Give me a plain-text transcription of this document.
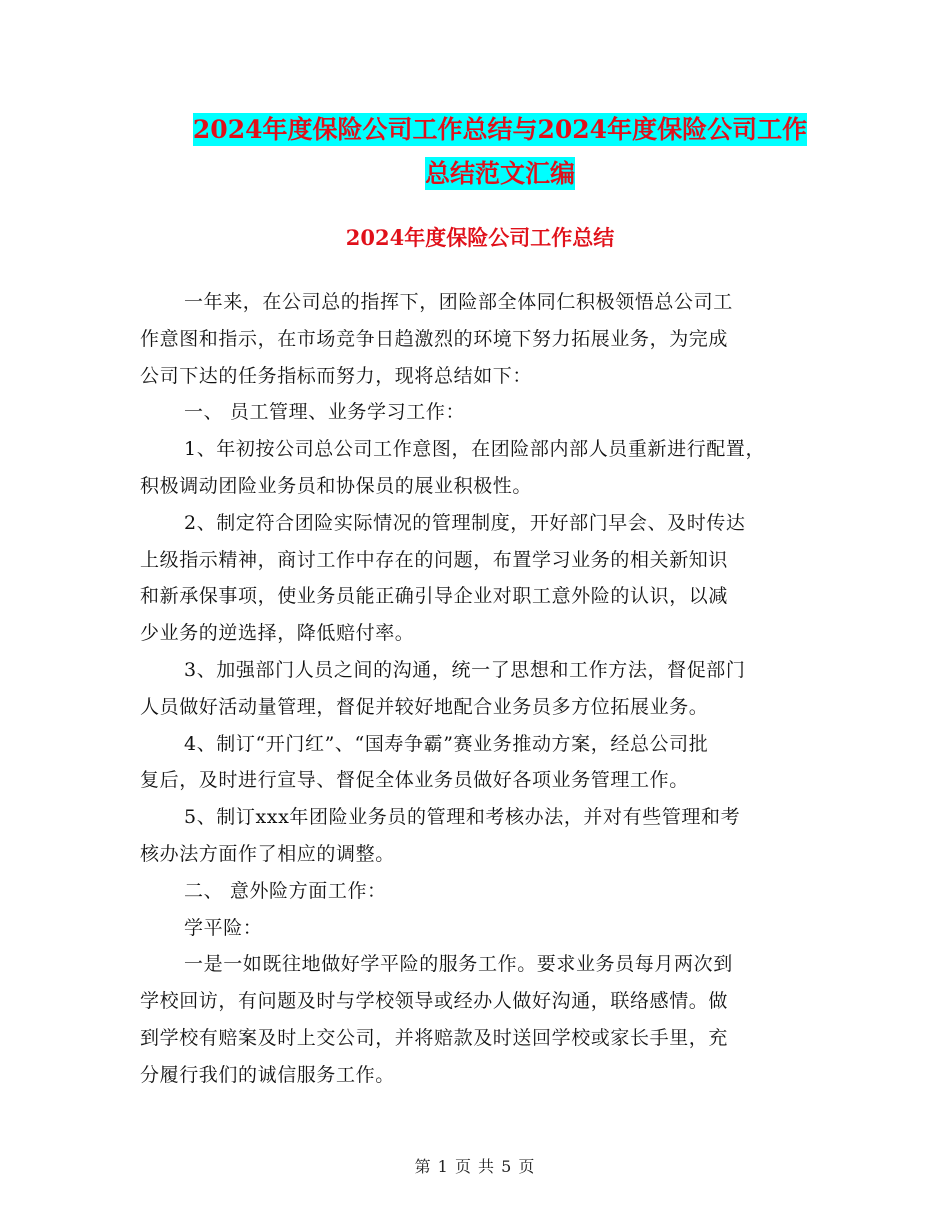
2024年度保险公司工作总结与2024年度保险公司工作
总结范文汇编
2024年度保险公司工作总结
一年来，在公司总的指挥下，团险部全体同仁积极领悟总公司工
作意图和指示，在市场竞争日趋激烈的环境下努力拓展业务，为完成
公司下达的任务指标而努力，现将总结如下：
一、 员工管理、业务学习工作：
1、年初按公司总公司工作意图，在团险部内部人员重新进行配置，
积极调动团险业务员和协保员的展业积极性。
2、制定符合团险实际情况的管理制度，开好部门早会、及时传达
上级指示精神，商讨工作中存在的问题，布置学习业务的相关新知识
和新承保事项，使业务员能正确引导企业对职工意外险的认识，以减
少业务的逆选择，降低赔付率。
3、加强部门人员之间的沟通，统一了思想和工作方法，督促部门
人员做好活动量管理，督促并较好地配合业务员多方位拓展业务。
4、制订“开门红”、“国寿争霸”赛业务推动方案，经总公司批
复后，及时进行宣导、督促全体业务员做好各项业务管理工作。
5、制订xxx年团险业务员的管理和考核办法，并对有些管理和考
核办法方面作了相应的调整。
二、 意外险方面工作：
学平险：
一是一如既往地做好学平险的服务工作。要求业务员每月两次到
学校回访，有问题及时与学校领导或经办人做好沟通，联络感情。做
到学校有赔案及时上交公司，并将赔款及时送回学校或家长手里，充
分履行我们的诚信服务工作。
第 1 页 共 5 页
